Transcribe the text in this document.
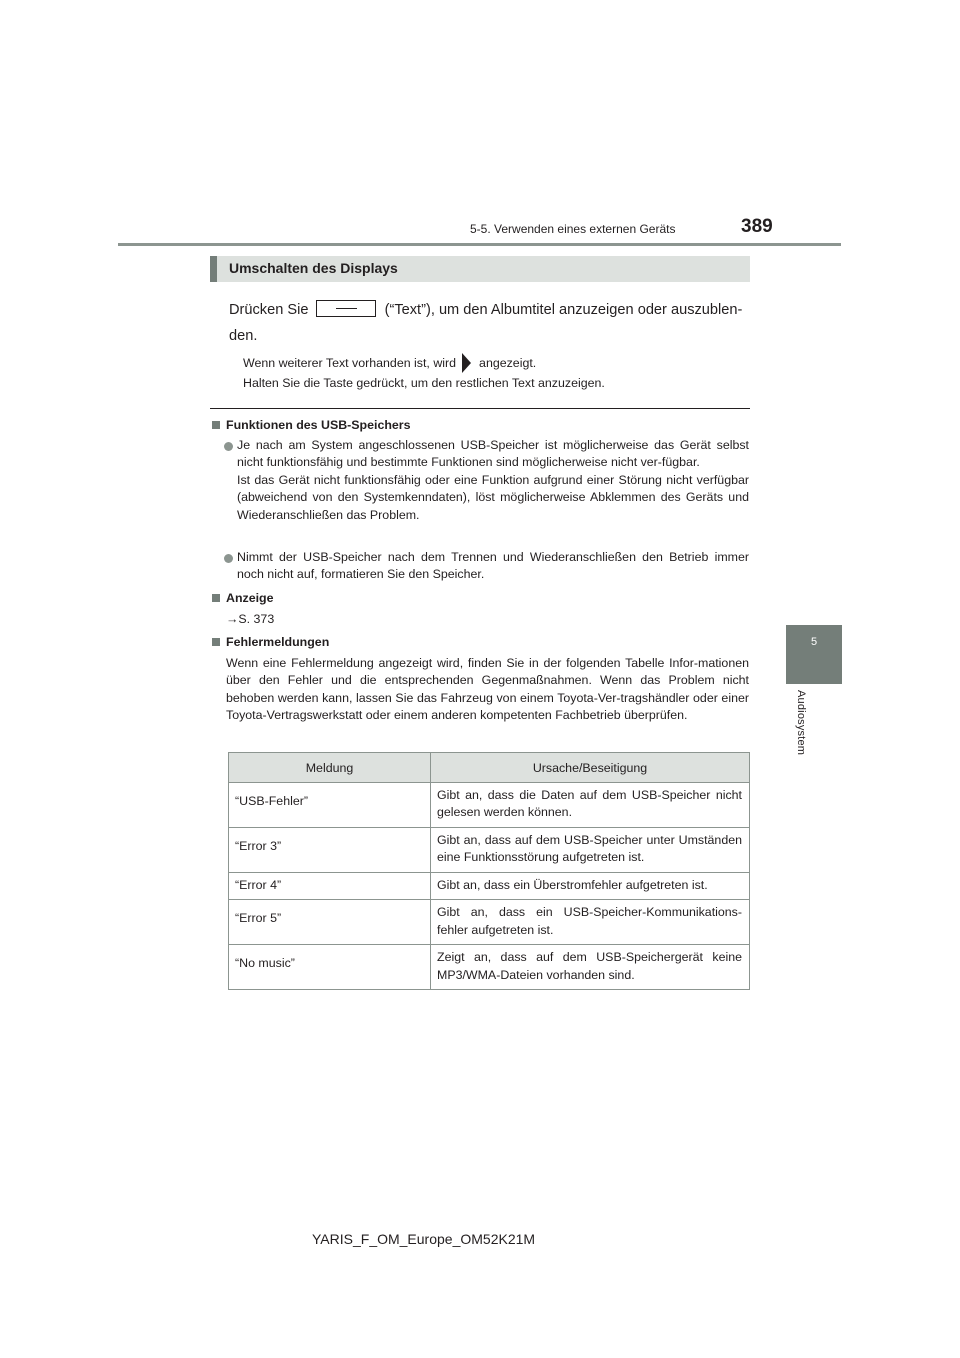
5-5. Verwenden eines externen Geräts	389
5
Audiosystem
Umschalten des Displays
Drücken Sie	(“Text”), um den Albumtitel anzuzeigen oder auszublen-den.
Wenn weiterer Text vorhanden ist, wird angezeigt.
Halten Sie die Taste gedrückt, um den restlichen Text anzuzeigen.
Funktionen des USB-Speichers

Je nach am System angeschlossenen USB-Speicher ist möglicherweise das Gerät selbst nicht funktionsfähig und bestimmte Funktionen sind möglicherweise nicht ver-fügbar.

Ist das Gerät nicht funktionsfähig oder eine Funktion aufgrund einer Störung nicht verfügbar (abweichend von den Systemkenndaten), löst möglicherweise Abklemmen des Geräts und Wiederanschließen das Problem.

Nimmt der USB-Speicher nach dem Trennen und Wiederanschließen den Betrieb immer noch nicht auf, formatieren Sie den Speicher.

Anzeige
→S. 373
Fehlermeldungen
Wenn eine Fehlermeldung angezeigt wird, finden Sie in der folgenden Tabelle Infor-mationen über den Fehler und die entsprechenden Gegenmaßnahmen. Wenn das Problem nicht behoben werden kann, lassen Sie das Fahrzeug von einem Toyota-Ver-tragshändler oder einer Toyota-Vertragswerkstatt oder einem anderen kompetenten Fachbetrieb überprüfen.
Meldung	Ursache/Beseitigung
“USB-Fehler”	Gibt an, dass die Daten auf dem USB-Speicher nicht gelesen werden können.
“Error 3”	Gibt an, dass auf dem USB-Speicher unter Umständen eine Funktionsstörung aufgetreten ist.
“Error 4”	Gibt an, dass ein Überstromfehler aufgetreten ist.
“Error 5”	Gibt an, dass ein USB-Speicher-Kommunikations-fehler aufgetreten ist.
“No music”	Zeigt an, dass auf dem USB-Speichergerät keine MP3/WMA-Dateien vorhanden sind.
YARIS_F_OM_Europe_OM52K21M
